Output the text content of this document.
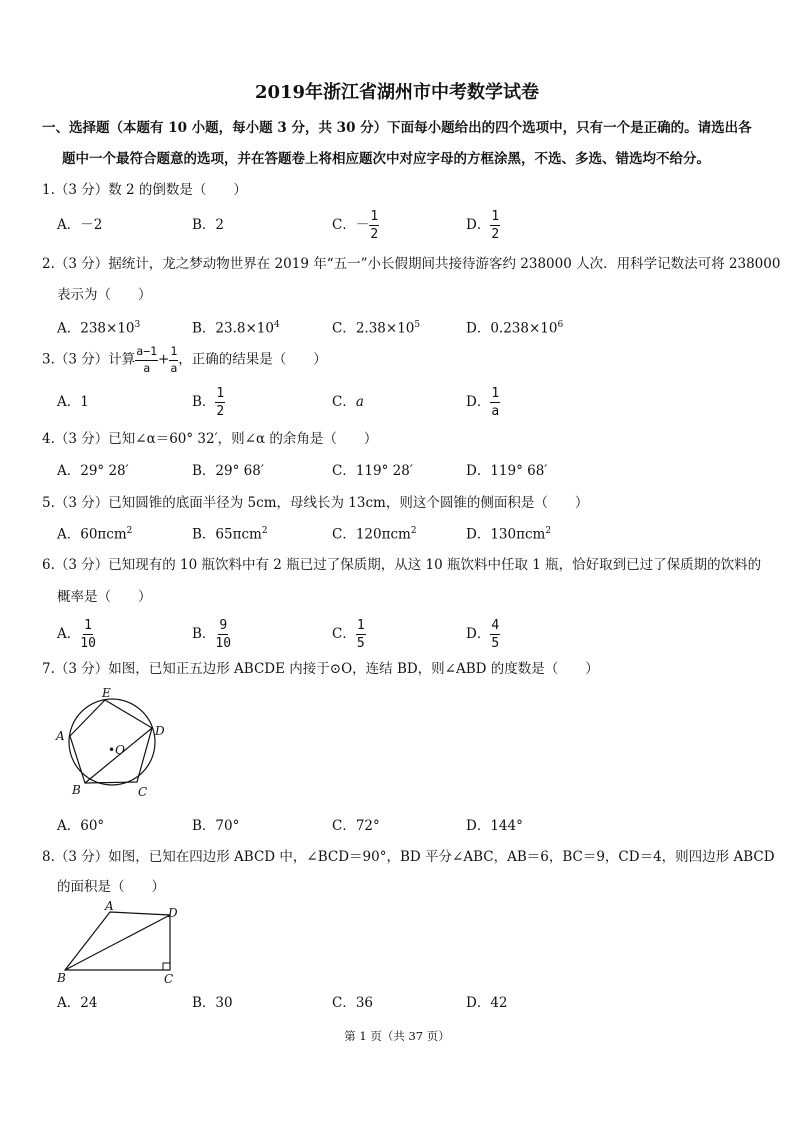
2019年浙江省湖州市中考数学试卷
一、选择题（本题有 10 小题，每小题 3 分，共 30 分）下面每小题给出的四个选项中，只有一个是正确的。请选出各
题中一个最符合题意的选项，并在答题卷上将相应题次中对应字母的方框涂黑，不选、多选、错选均不给分。
1.（3 分）数 2 的倒数是（　　）
A．－2	B．2	C．－ $\frac{1}{2}$	D． $\frac{1}{2}$
2.（3 分）据统计，龙之梦动物世界在 2019 年“五一”小长假期间共接待游客约 238000 人次．用科学记数法可将 238000
表示为（　　）
A．$238\times 10^3$	B．$23.8\times 10^4$	C．$2.38\times 10^5$	D．$0.238\times 10^6$
3.（3 分）计算 $\frac{a-1}{a} + \frac{1}{a}$ ，正确的结果是（　　）
A．1	B． $\frac{1}{2}$	C．a	D． $\frac{1}{a}$
4.（3 分）已知∠α＝60° 32′，则∠α 的余角是（　　）
A．29° 28′	B．29° 68′	C．119° 28′	D．119° 68′
5.（3 分）已知圆锥的底面半径为 5cm，母线长为 13cm，则这个圆锥的侧面积是（　　）
A．60πcm$^2$	B．65πcm$^2$	C．120πcm$^2$	D．130πcm$^2$
6.（3 分）已知现有的 10 瓶饮料中有 2 瓶已过了保质期，从这 10 瓶饮料中任取 1 瓶，恰好取到已过了保质期的饮料的
概率是（　　）
A． $\frac{1}{10}$	B． $\frac{9}{10}$	C． $\frac{1}{5}$	D． $\frac{4}{5}$
7.（3 分）如图，已知正五边形 ABCDE 内接于⊙O，连结 BD，则∠ABD 的度数是（　　）
E
A	D
B	C
•O
A．60°	B．70°	C．72°	D．144°
8.（3 分）如图，已知在四边形 ABCD 中，∠BCD＝90°，BD 平分∠ABC，AB＝6，BC＝9，CD＝4，则四边形 ABCD
的面积是（　　）
A	D
B	C
A．24	B．30	C．36	D．42
第 1 页（共 37 页）
